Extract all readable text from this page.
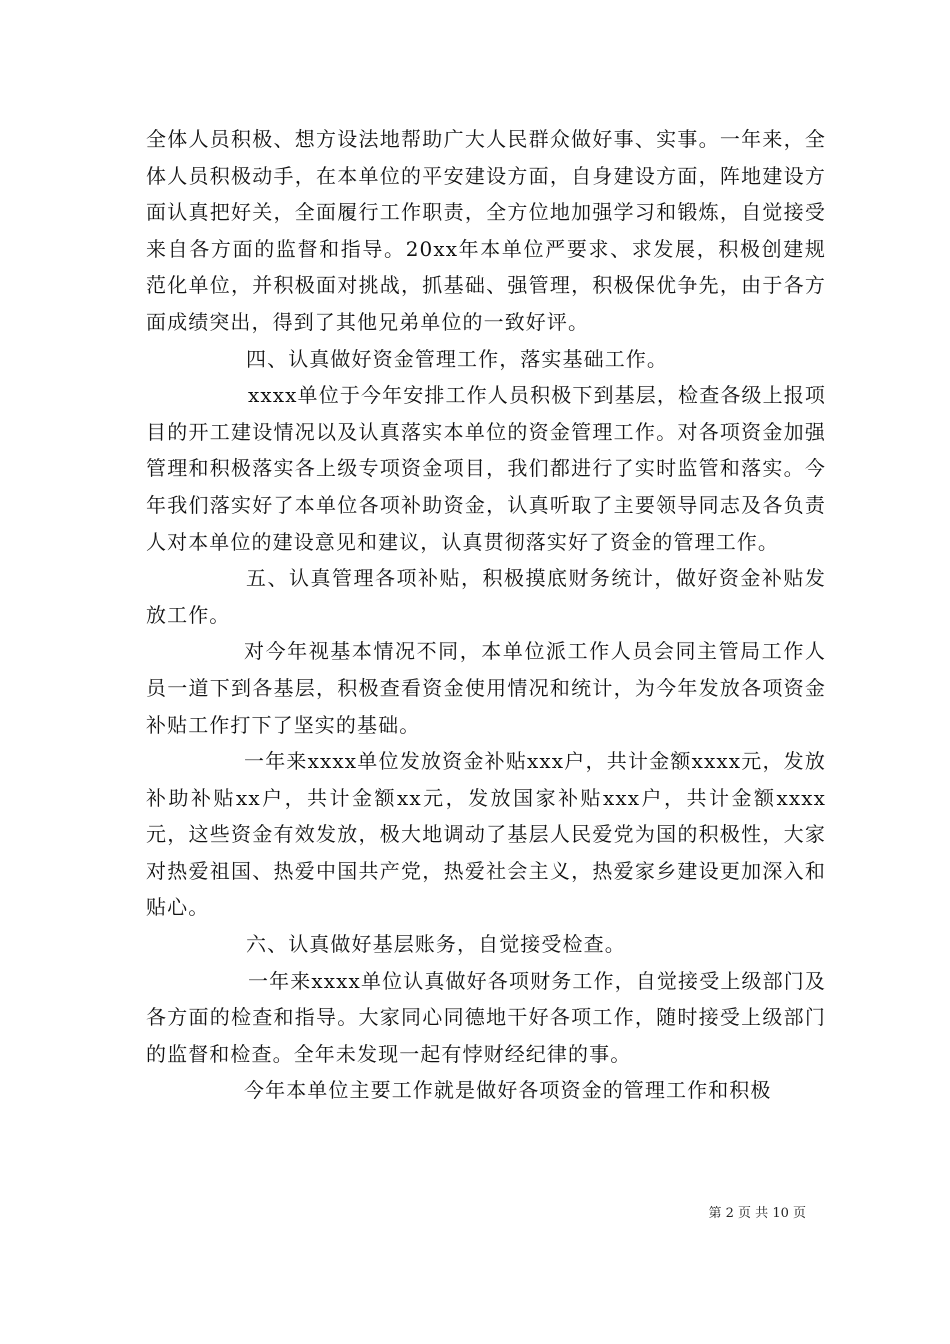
全体人员积极、想方设法地帮助广大人民群众做好事、实事。一年来，全体人员积极动手，在本单位的平安建设方面，自身建设方面，阵地建设方面认真把好关，全面履行工作职责，全方位地加强学习和锻炼，自觉接受来自各方面的监督和指导。20xx年本单位严要求、求发展，积极创建规范化单位，并积极面对挑战，抓基础、强管理，积极保优争先，由于各方面成绩突出，得到了其他兄弟单位的一致好评。

四、认真做好资金管理工作，落实基础工作。

xxxx单位于今年安排工作人员积极下到基层，检查各级上报项目的开工建设情况以及认真落实本单位的资金管理工作。对各项资金加强管理和积极落实各上级专项资金项目，我们都进行了实时监管和落实。今年我们落实好了本单位各项补助资金，认真听取了主要领导同志及各负责人对本单位的建设意见和建议，认真贯彻落实好了资金的管理工作。

五、认真管理各项补贴，积极摸底财务统计，做好资金补贴发放工作。

对今年视基本情况不同，本单位派工作人员会同主管局工作人员一道下到各基层，积极查看资金使用情况和统计，为今年发放各项资金补贴工作打下了坚实的基础。

一年来xxxx单位发放资金补贴xxx户，共计金额xxxx元，发放补助补贴xx户，共计金额xx元，发放国家补贴xxx户，共计金额xxxx元，这些资金有效发放，极大地调动了基层人民爱党为国的积极性，大家对热爱祖国、热爱中国共产党，热爱社会主义，热爱家乡建设更加深入和贴心。

六、认真做好基层账务，自觉接受检查。

一年来xxxx单位认真做好各项财务工作，自觉接受上级部门及各方面的检查和指导。大家同心同德地干好各项工作，随时接受上级部门的监督和检查。全年未发现一起有悖财经纪律的事。

今年本单位主要工作就是做好各项资金的管理工作和积极

第 2 页 共 10 页
